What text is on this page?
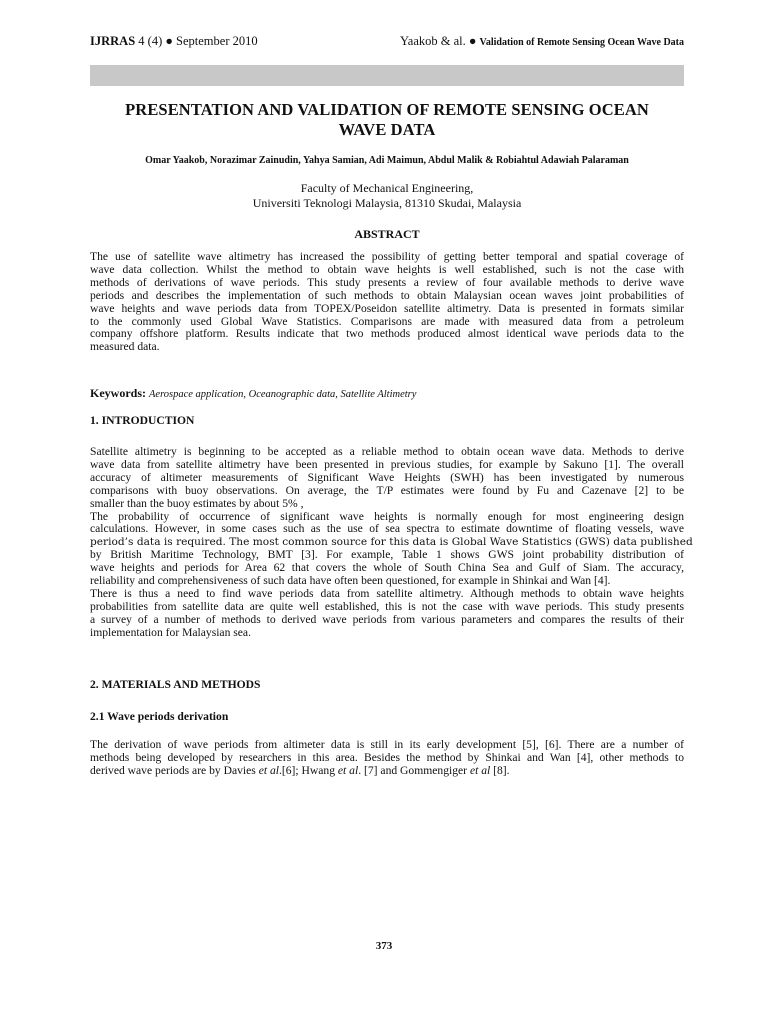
IJRRAS 4 (4) ● September 2010	Yaakob & al. ● Validation of Remote Sensing Ocean Wave Data
PRESENTATION AND VALIDATION OF REMOTE SENSING OCEAN
WAVE DATA
Omar Yaakob, Norazimar Zainudin, Yahya Samian, Adi Maimun, Abdul Malik & Robiahtul Adawiah Palaraman
Faculty of Mechanical Engineering,
Universiti Teknologi Malaysia, 81310 Skudai, Malaysia
ABSTRACT
The use of satellite wave altimetry has increased the possibility of getting better temporal and spatial coverage of
wave data collection. Whilst the method to obtain wave heights is well established, such is not the case with
methods of derivations of wave periods. This study presents a review of four available methods to derive wave
periods and describes the implementation of such methods to obtain Malaysian ocean waves joint probabilities of
wave heights and wave periods data from TOPEX/Poseidon satellite altimetry. Data is presented in formats similar
to the commonly used Global Wave Statistics. Comparisons are made with measured data from a petroleum
company offshore platform. Results indicate that two methods produced almost identical wave periods data to the
measured data.
Keywords: Aerospace application, Oceanographic data, Satellite Altimetry
1. INTRODUCTION
Satellite altimetry is beginning to be accepted as a reliable method to obtain ocean wave data. Methods to derive
wave data from satellite altimetry have been presented in previous studies, for example by Sakuno [1]. The overall
accuracy of altimeter measurements of Significant Wave Heights (SWH) has been investigated by numerous
comparisons with buoy observations. On average, the T/P estimates were found by Fu and Cazenave [2] to be
smaller than the buoy estimates by about 5% ,
The probability of occurrence of significant wave heights is normally enough for most engineering design
calculations. However, in some cases such as the use of sea spectra to estimate downtime of floating vessels, wave
period’s data is required. The most common source for this data is Global Wave Statistics (GWS) data published
by British Maritime Technology, BMT [3]. For example, Table 1 shows GWS joint probability distribution of
wave heights and periods for Area 62 that covers the whole of South China Sea and Gulf of Siam. The accuracy,
reliability and comprehensiveness of such data have often been questioned, for example in Shinkai and Wan [4].
There is thus a need to find wave periods data from satellite altimetry. Although methods to obtain wave heights
probabilities from satellite data are quite well established, this is not the case with wave periods. This study presents
a survey of a number of methods to derived wave periods from various parameters and compares the results of their
implementation for Malaysian sea.
2. MATERIALS AND METHODS
2.1 Wave periods derivation
The derivation of wave periods from altimeter data is still in its early development [5], [6]. There are a number of
methods being developed by researchers in this area. Besides the method by Shinkai and Wan [4], other methods to
derived wave periods are by Davies et al.[6]; Hwang et al. [7] and Gommengiger et al [8].
373
